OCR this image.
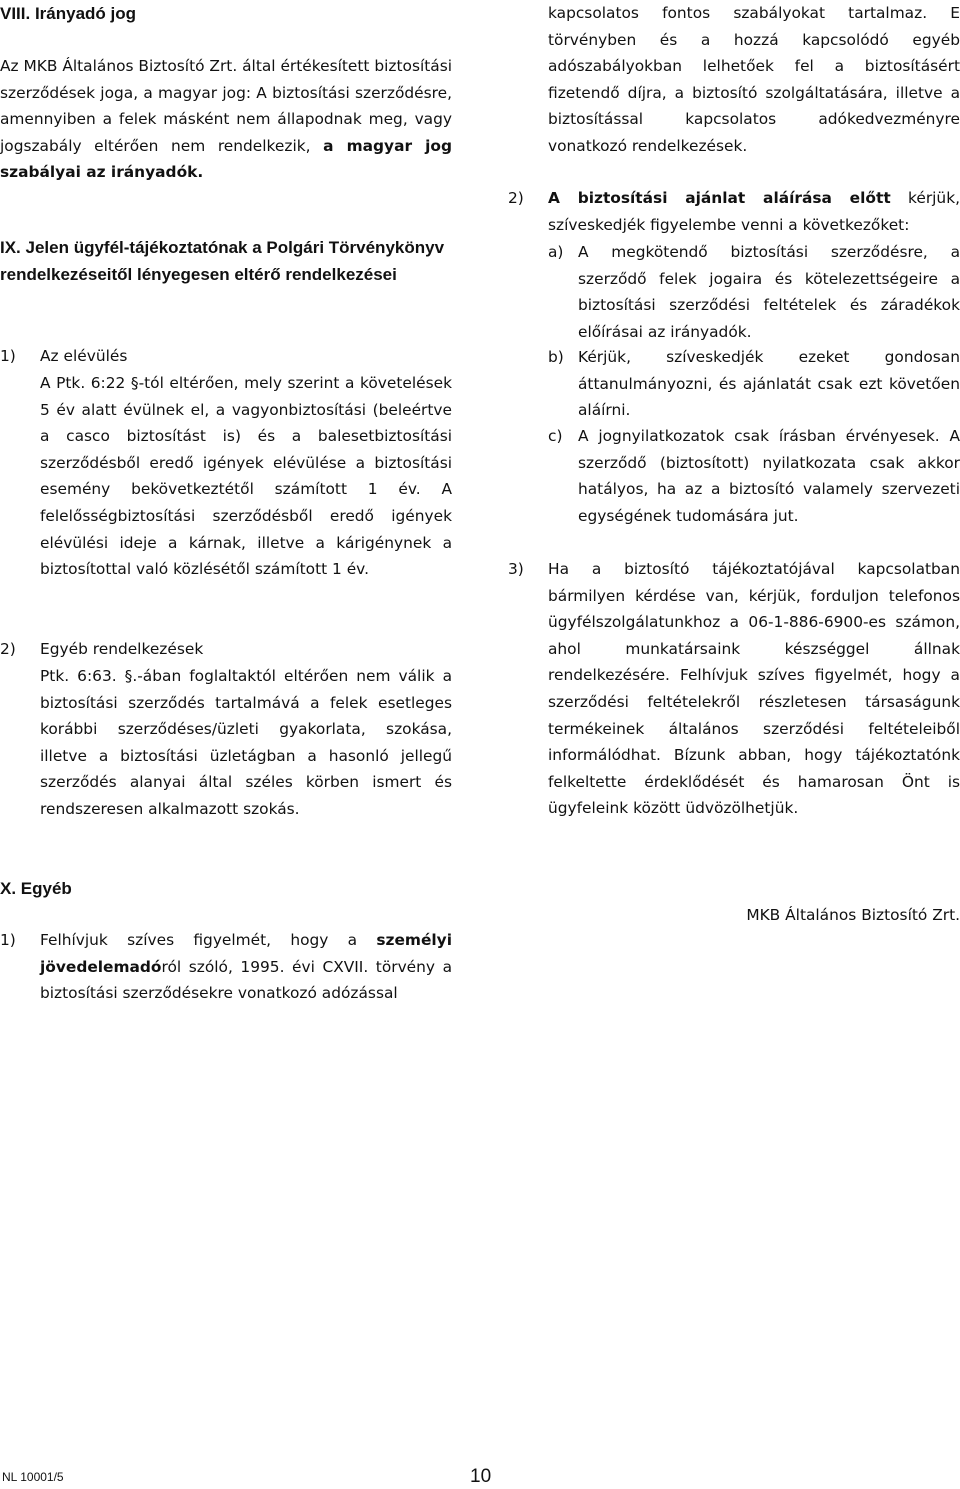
VIII. Irányadó jog

Az MKB Általános Biztosító Zrt. által értékesített biztosítási szerződések joga, a magyar jog: A biztosítási szerződésre, amennyiben a felek másként nem állapodnak meg, vagy jogszabály eltérően nem rendelkezik, a magyar jog szabályai az irányadók.

IX. Jelen ügyfél-tájékoztatónak a Polgári Törvénykönyv rendelkezéseitől lényegesen eltérő rendelkezései
1) Az elévülés

A Ptk. 6:22 §-tól eltérően, mely szerint a követelések 5 év alatt évülnek el, a vagyonbiztosítási (beleértve a casco biztosítást is) és a balesetbiztosítási szerződésből eredő igények elévülése a biztosítási esemény bekövetkeztétől számított 1 év. A felelősségbiztosítási szerződésből eredő igények elévülési ideje a kárnak, illetve a kárigénynek a biztosítottal való közlésétől számított 1 év.

2) Egyéb rendelkezések

Ptk. 6:63. §.-ában foglaltaktól eltérően nem válik a biztosítási szerződés tartalmává a felek esetleges korábbi szerződéses/üzleti gyakorlata, szokása, illetve a biztosítási üzletágban a hasonló jellegű szerződés alanyai által széles körben ismert és rendszeresen alkalmazott szokás.

X. Egyéb
1) Felhívjuk szíves figyelmét, hogy a személyi jövedelemadóról szóló, 1995. évi CXVII. törvény a biztosítási szerződésekre vonatkozó adózással

kapcsolatos fontos szabályokat tartalmaz. E törvényben és a hozzá kapcsolódó egyéb adószabályokban lelhetőek fel a biztosításért fizetendő díjra, a biztosító szolgáltatására, illetve a biztosítással kapcsolatos adókedvezményre vonatkozó rendelkezések.

2) A biztosítási ajánlat aláírása előtt kérjük, szíveskedjék figyelembe venni a következőket:

a) A megkötendő biztosítási szerződésre, a szerződő felek jogaira és kötelezettségeire a biztosítási szerződési feltételek és záradékok előírásai az irányadók.

b) Kérjük, szíveskedjék ezeket gondosan áttanulmányozni, és ajánlatát csak ezt követően aláírni.

c) A jognyilatkozatok csak írásban érvényesek. A szerződő (biztosított) nyilatkozata csak akkor hatályos, ha az a biztosító valamely szervezeti egységének tudomására jut.

3) Ha a biztosító tájékoztatójával kapcsolatban bármilyen kérdése van, kérjük, forduljon telefonos ügyfélszolgálatunkhoz a 06-1-886-6900-es számon, ahol munkatársaink készséggel állnak rendelkezésére. Felhívjuk szíves figyelmét, hogy a szerződési feltételekről részletesen társaságunk termékeinek általános szerződési feltételeiből informálódhat. Bízunk abban, hogy tájékoztatónk felkeltette érdeklődését és hamarosan Önt is ügyfeleink között üdvözölhetjük.

MKB Általános Biztosító Zrt.
NL 10001/5	10
